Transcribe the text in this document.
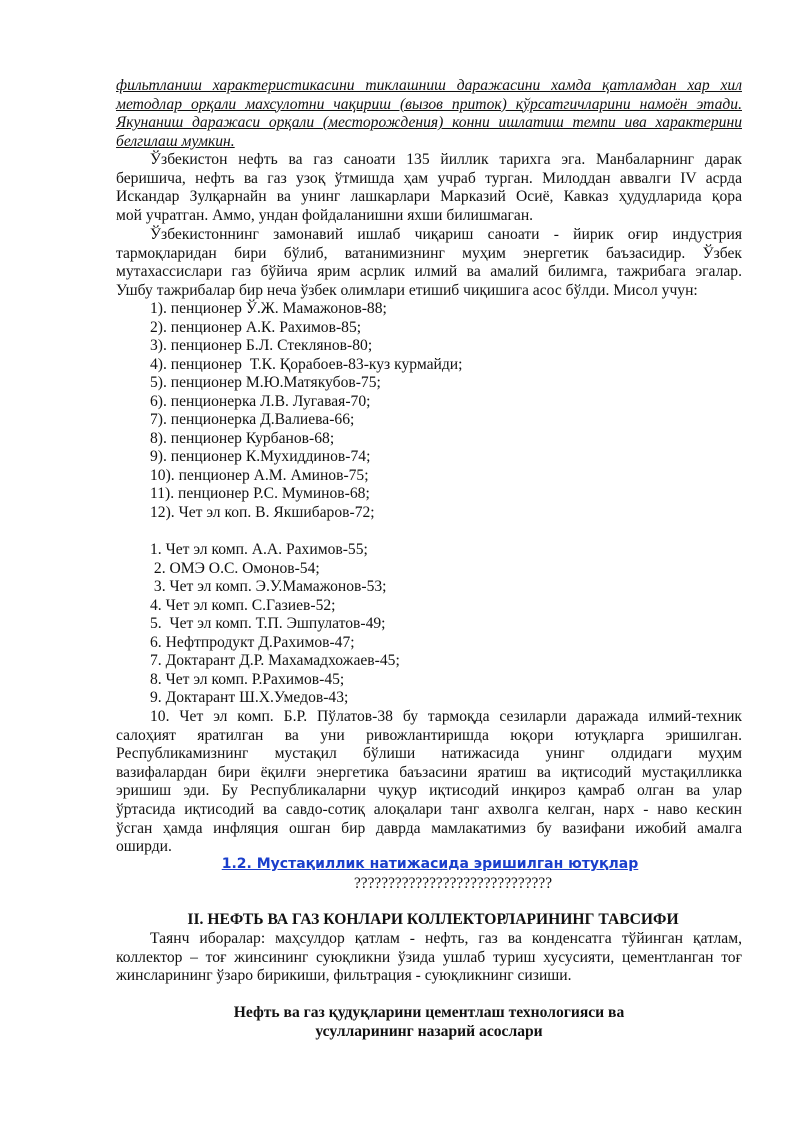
фильтланиш характеристикасини тиклашниш даражасини хамда қатламдан хар хил
методлар орқали махсулотни чақириш (вызов приток) кўрсатгичларини намоён этади.
Якунаниш даражаси орқали (месторождения) конни ишлатиш темпи ива характерини
белгилаш мумкин.
Ўзбекистон нефть ва газ саноати 135 йиллик тарихга эга. Манбаларнинг дарак
беришича, нефть ва газ узоқ ўтмишда ҳам учраб турган. Милоддан аввалги IV асрда
Искандар Зулқарнайн ва унинг лашкарлари Марказий Осиё, Кавказ ҳудудларида қора
мой учратган. Аммо, ундан фойдаланишни яхши билишмаган.
Ўзбекистоннинг замонавий ишлаб чиқариш саноати - йирик оғир индустрия
тармоқларидан бири бўлиб, ватанимизнинг муҳим энергетик баъзасидир. Ўзбек
мутахассислари газ бўйича ярим асрлик илмий ва амалий билимга, тажрибага эгалар.
Ушбу тажрибалар бир неча ўзбек олимлари етишиб чиқишига асос бўлди. Мисол учун:
1). пенционер Ў.Ж. Мамажонов-88;
2). пенционер А.К. Рахимов-85;
3). пенционер Б.Л. Стеклянов-80;
4). пенционер  Т.К. Қорабоев-83-куз курмайди;
5). пенционер М.Ю.Матякубов-75;
6). пенционерка Л.В. Лугавая-70;
7). пенционерка Д.Валиева-66;
8). пенционер Курбанов-68;
9). пенционер К.Мухиддинов-74;
10). пенционер А.М. Аминов-75;
11). пенционер Р.С. Муминов-68;
12). Чет эл коп. В. Якшибаров-72;
1. Чет эл комп. А.А. Рахимов-55;
2. ОМЭ О.С. Омонов-54;
3. Чет эл комп. Э.У.Мамажонов-53;
4. Чет эл комп. С.Газиев-52;
5.  Чет эл комп. Т.П. Эшпулатов-49;
6. Нефтпродукт Д.Рахимов-47;
7. Доктарант Д.Р. Махамадхожаев-45;
8. Чет эл комп. Р.Рахимов-45;
9. Доктарант Ш.Х.Умедов-43;
10. Чет эл комп. Б.Р. Пўлатов-38 бу тармоқда сезиларли даражада илмий-техник
салоҳият яратилган ва уни ривожлантиришда юқори ютуқларга эришилган.
Республикамизнинг мустақил бўлиши натижасида унинг олдидаги муҳим
вазифалардан бири ёқилғи энергетика баъзасини яратиш ва иқтисодий мустақилликка
эришиш эди. Бу Республикаларни чуқур иқтисодий инқироз қамраб олган ва улар
ўртасида иқтисодий ва савдо-сотиқ алоқалари танг ахволга келган, нарх - наво кескин
ўсган ҳамда инфляция ошган бир даврда мамлакатимиз бу вазифани ижобий амалга
оширди.
1.2. Мустақиллик натижасида эришилган ютуқлар
?????????????????????????????
II. НЕФТЬ ВА ГАЗ КОНЛАРИ КОЛЛЕКТОРЛАРИНИНГ ТАВСИФИ
Таянч иборалар: маҳсулдор қатлам - нефть, газ ва конденсатга тўйинган қатлам,
коллектор – тоғ жинсининг суюқликни ўзида ушлаб туриш хусусияти, цементланган тоғ
жинсларининг ўзаро бирикиши, фильтрация - суюқликнинг сизиши.
Нефть ва газ қудуқларини цементлаш технологияси ва
усулларининг назарий асослари
